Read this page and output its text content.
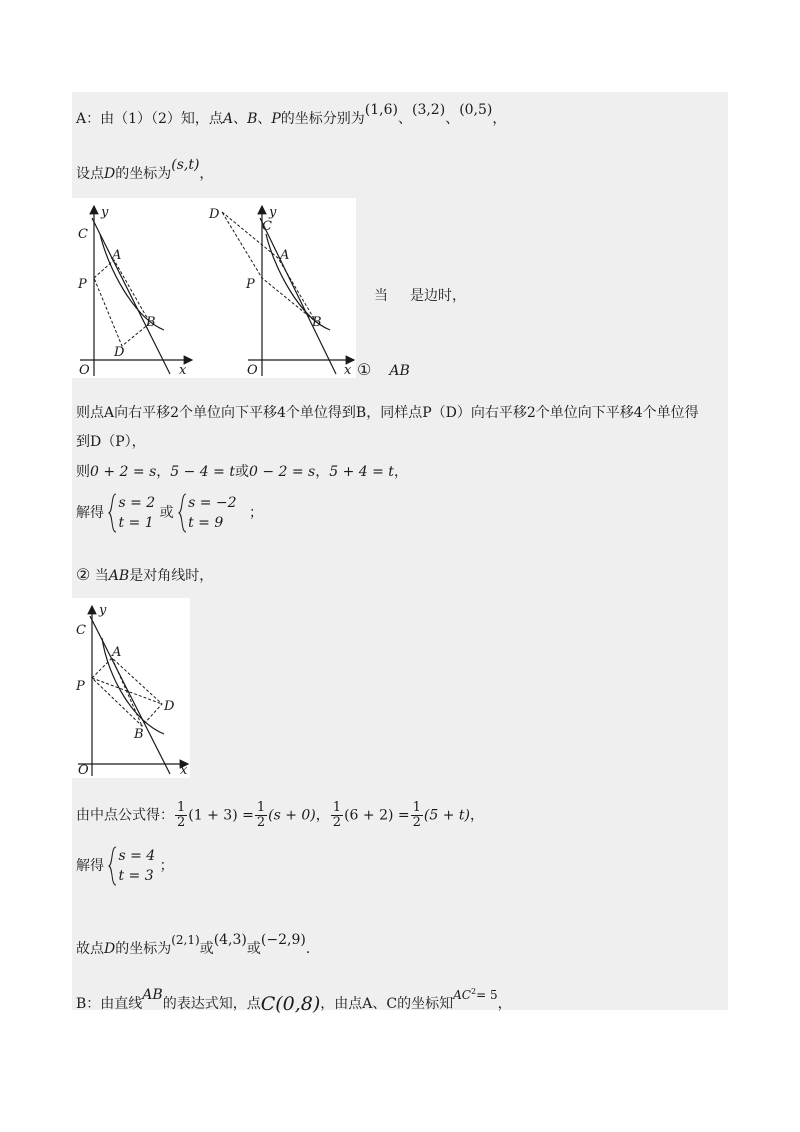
A：由（1）（2）知，点A、B、P的坐标分别为(1,6)、(3,2)、(0,5)，
设点D的坐标为(s,t)，
y
C
A
P
B
D
O	x
y
D
C
A
P
B
O	x
当 是边时，
① AB
则点A向右平移2个单位向下平移4个单位得到B，同样点P（D）向右平移2个单位向下平移4个单位得
到D（P），
则0 + 2 = s，5 − 4 = t或0 − 2 = s，5 + 4 = t，
解得
s = 2
t = 1
或
s = −2
t = 9
；
② 当AB是对角线时，
y
C
A
P
D
B
O	x
由中点公式得： $\frac{1}{2} (1 + 3) = \frac{1}{2} (s + 0)$， $\frac{1}{2} (6 + 2) = \frac{1}{2} (5 + t)$，
解得
s = 4
t = 3
；
故点D的坐标为(2,1)或(4,3)或(−2,9).
B：由直线AB的表达式知，点C(0,8)，由点A、C的坐标知$AC^2= 5$，
